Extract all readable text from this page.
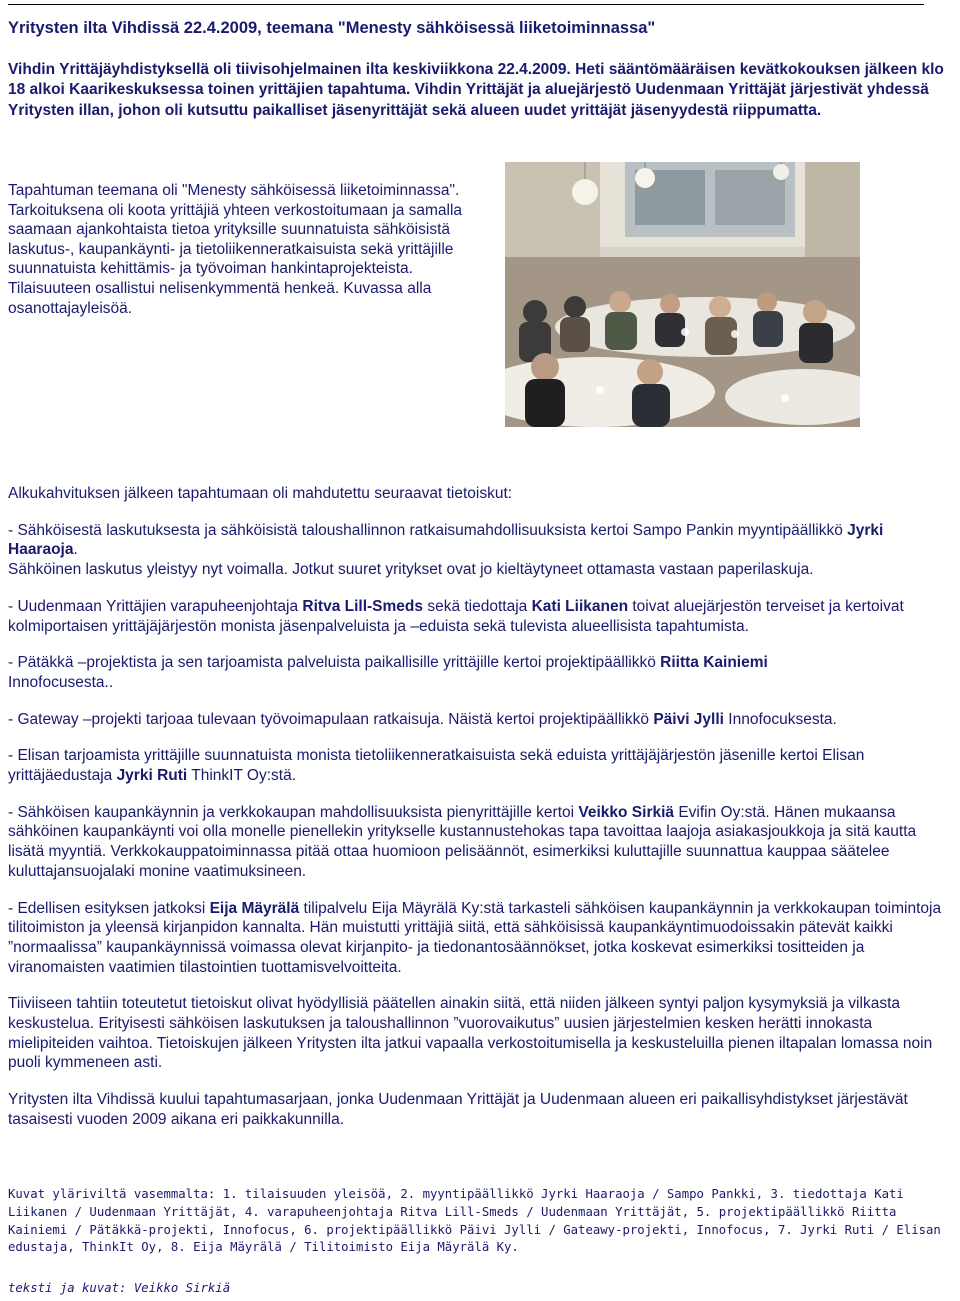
Yritysten ilta Vihdissä 22.4.2009, teemana "Menesty sähköisessä liiketoiminnassa"
Vihdin Yrittäjäyhdistyksellä oli tiivisohjelmainen ilta keskiviikkona 22.4.2009. Heti sääntömääräisen kevätkokouksen jälkeen klo 18 alkoi Kaarikeskuksessa toinen yrittäjien tapahtuma. Vihdin Yrittäjät ja aluejärjestö Uudenmaan Yrittäjät järjestivät yhdessä Yritysten illan, johon oli kutsuttu paikalliset jäsenyrittäjät sekä alueen uudet yrittäjät jäsenyydestä riippumatta.
Tapahtuman teemana oli "Menesty sähköisessä liiketoiminnassa". Tarkoituksena oli koota yrittäjiä yhteen verkostoitumaan ja samalla saamaan ajankohtaista tietoa yrityksille suunnatuista sähköisistä laskutus-, kaupankäynti- ja tietoliikenneratkaisuista sekä yrittäjille suunnatuista kehittämis- ja työvoiman hankintaprojekteista. Tilaisuuteen osallistui nelisenkymmentä henkeä. Kuvassa alla osanottajayleisöä.

Alkukahvituksen jälkeen tapahtumaan oli mahdutettu seuraavat tietoiskut:

- Sähköisestä laskutuksesta ja sähköisistä taloushallinnon ratkaisumahdollisuuksista kertoi Sampo Pankin myyntipäällikkö Jyrki Haaraoja.
Sähköinen laskutus yleistyy nyt voimalla. Jotkut suuret yritykset ovat jo kieltäytyneet ottamasta vastaan paperilaskuja.

- Uudenmaan Yrittäjien varapuheenjohtaja Ritva Lill-Smeds sekä tiedottaja Kati Liikanen toivat aluejärjestön terveiset ja kertoivat kolmiportaisen yrittäjäjärjestön monista jäsenpalveluista ja –eduista sekä tulevista alueellisista tapahtumista.

- Pätäkkä –projektista ja sen tarjoamista palveluista paikallisille yrittäjille kertoi projektipäällikkö Riitta Kainiemi
Innofocusesta..

- Gateway –projekti tarjoaa tulevaan työvoimapulaan ratkaisuja. Näistä kertoi projektipäällikkö Päivi Jylli Innofocuksesta.

- Elisan tarjoamista yrittäjille suunnatuista monista tietoliikenneratkaisuista sekä eduista yrittäjäjärjestön jäsenille kertoi Elisan yrittäjäedustaja Jyrki Ruti ThinkIT Oy:stä.

- Sähköisen kaupankäynnin ja verkkokaupan mahdollisuuksista pienyrittäjille kertoi Veikko Sirkiä Evifin Oy:stä. Hänen mukaansa sähköinen kaupankäynti voi olla monelle pienellekin yritykselle kustannustehokas tapa tavoittaa laajoja asiakasjoukkoja ja sitä kautta lisätä myyntiä. Verkkokauppatoiminnassa pitää ottaa huomioon pelisäännöt, esimerkiksi kuluttajille suunnattua kauppaa säätelee kuluttajansuojalaki monine vaatimuksineen.

- Edellisen esityksen jatkoksi Eija Mäyrälä tilipalvelu Eija Mäyrälä Ky:stä tarkasteli sähköisen kaupankäynnin ja verkkokaupan toimintoja tilitoimiston ja yleensä kirjanpidon kannalta. Hän muistutti yrittäjiä siitä, että sähköisissä kaupankäyntimuodoissakin pätevät kaikki ”normaalissa” kaupankäynnissä voimassa olevat kirjanpito- ja tiedonantosäännökset, jotka koskevat esimerkiksi tositteiden ja viranomaisten vaatimien tilastointien tuottamisvelvoitteita.

Tiiviiseen tahtiin toteutetut tietoiskut olivat hyödyllisiä päätellen ainakin siitä, että niiden jälkeen syntyi paljon kysymyksiä ja vilkasta keskustelua. Erityisesti sähköisen laskutuksen ja taloushallinnon ”vuorovaikutus” uusien järjestelmien kesken herätti innokasta mielipiteiden vaihtoa. Tietoiskujen jälkeen Yritysten ilta jatkui vapaalla verkostoitumisella ja keskusteluilla pienen iltapalan lomassa noin puoli kymmeneen asti.

Yritysten ilta Vihdissä kuului tapahtumasarjaan, jonka Uudenmaan Yrittäjät ja Uudenmaan alueen eri paikallisyhdistykset järjestävät tasaisesti vuoden 2009 aikana eri paikkakunnilla.

Kuvat yläriviltä vasemmalta: 1. tilaisuuden yleisöä, 2. myyntipäällikkö Jyrki Haaraoja / Sampo Pankki, 3. tiedottaja Kati Liikanen / Uudenmaan Yrittäjät, 4. varapuheenjohtaja Ritva Lill-Smeds / Uudenmaan Yrittäjät, 5. projektipäällikkö Riitta Kainiemi / Pätäkkä-projekti, Innofocus, 6. projektipäällikkö Päivi Jylli / Gateawy-projekti, Innofocus, 7. Jyrki Ruti / Elisan edustaja, ThinkIt Oy, 8. Eija Mäyrälä / Tilitoimisto Eija Mäyrälä Ky.
teksti ja kuvat: Veikko Sirkiä
